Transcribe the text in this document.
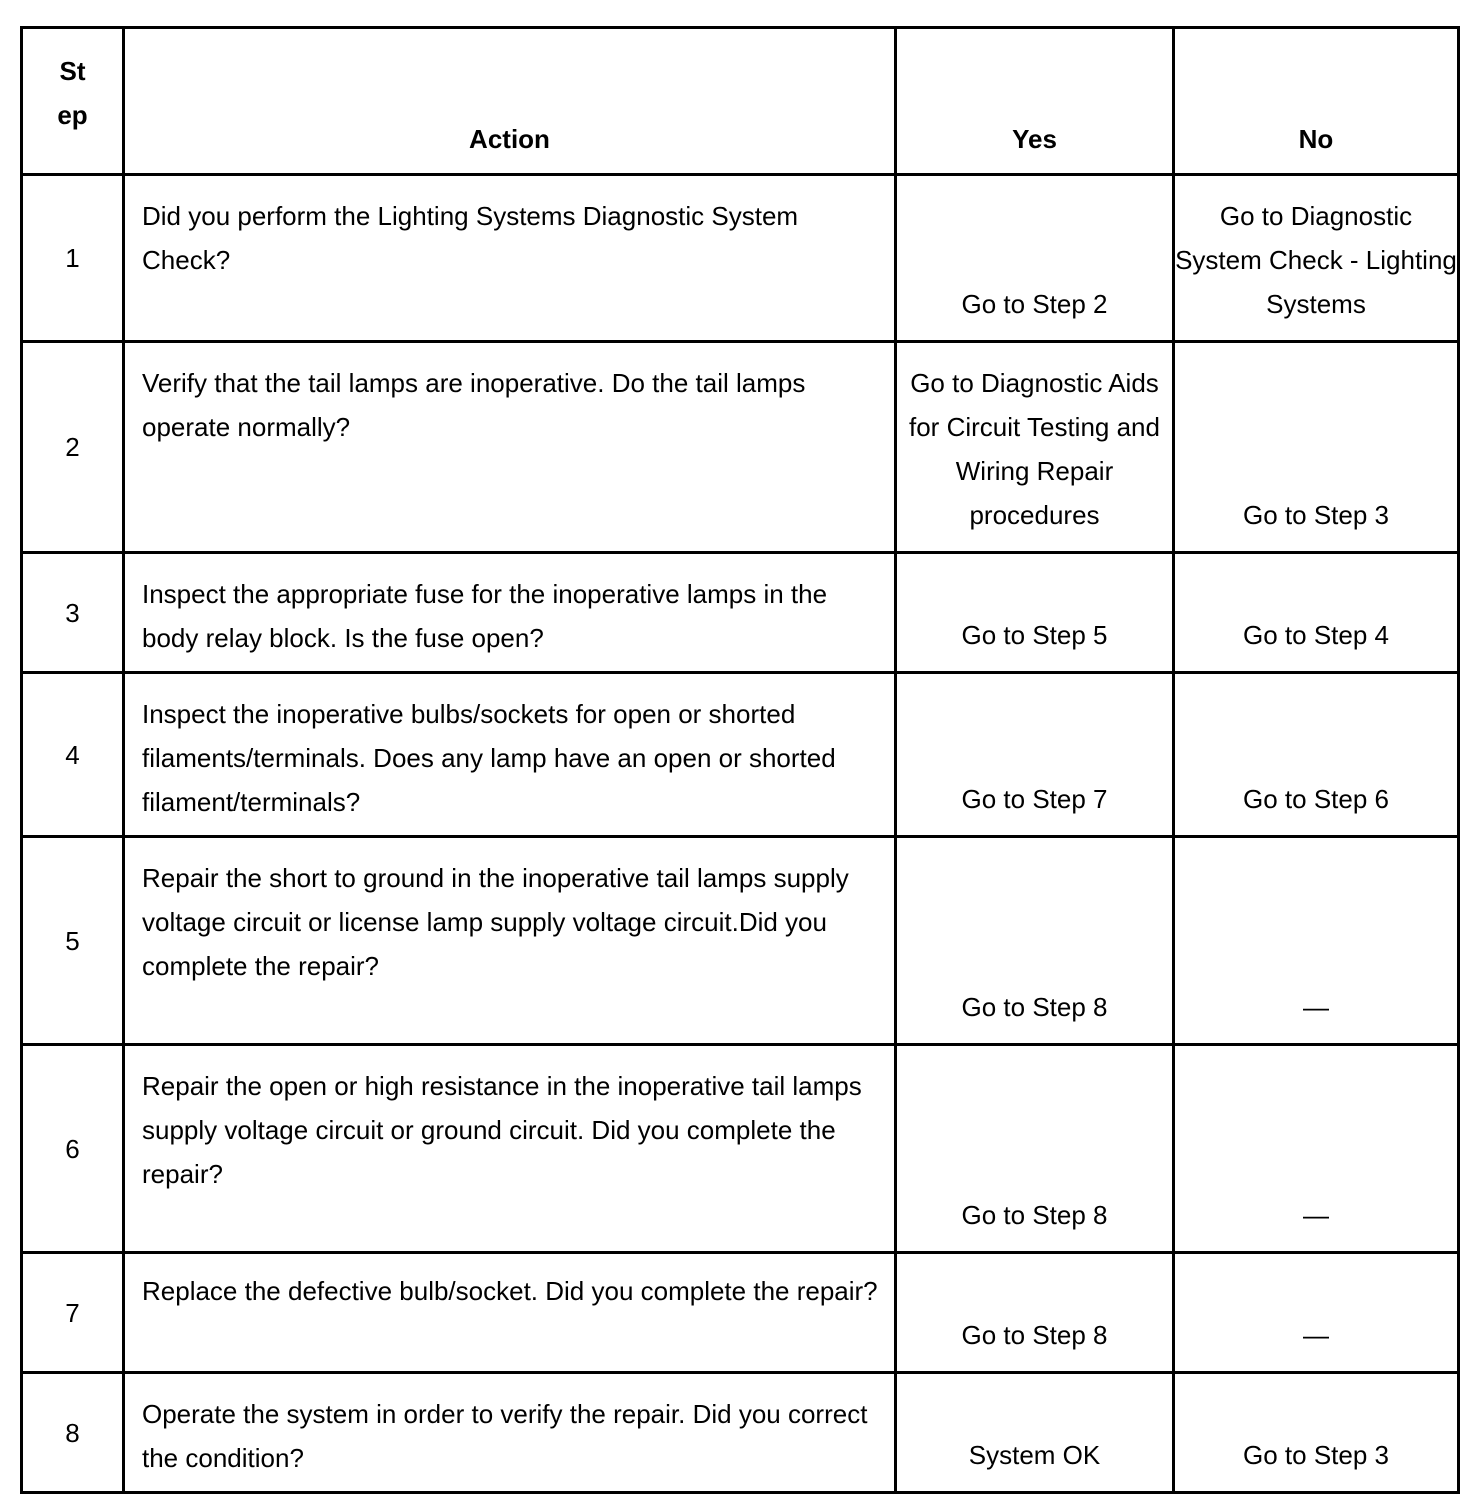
St ep	Action	Yes	No
1	Did you perform the Lighting Systems Diagnostic System Check?	Go to Step 2	Go to Diagnostic System Check - Lighting Systems
2	Verify that the tail lamps are inoperative. Do the tail lamps operate normally?	Go to Diagnostic Aids for Circuit Testing and Wiring Repair procedures	Go to Step 3
3	Inspect the appropriate fuse for the inoperative lamps in the body relay block. Is the fuse open?	Go to Step 5	Go to Step 4
4	Inspect the inoperative bulbs/sockets for open or shorted filaments/terminals. Does any lamp have an open or shorted filament/terminals?	Go to Step 7	Go to Step 6
5	Repair the short to ground in the inoperative tail lamps supply voltage circuit or license lamp supply voltage circuit.Did you complete the repair?	Go to Step 8	—
6	Repair the open or high resistance in the inoperative tail lamps supply voltage circuit or ground circuit. Did you complete the repair?	Go to Step 8	—
7	Replace the defective bulb/socket. Did you complete the repair?	Go to Step 8	—
8	Operate the system in order to verify the repair. Did you correct the condition?	System OK	Go to Step 3
